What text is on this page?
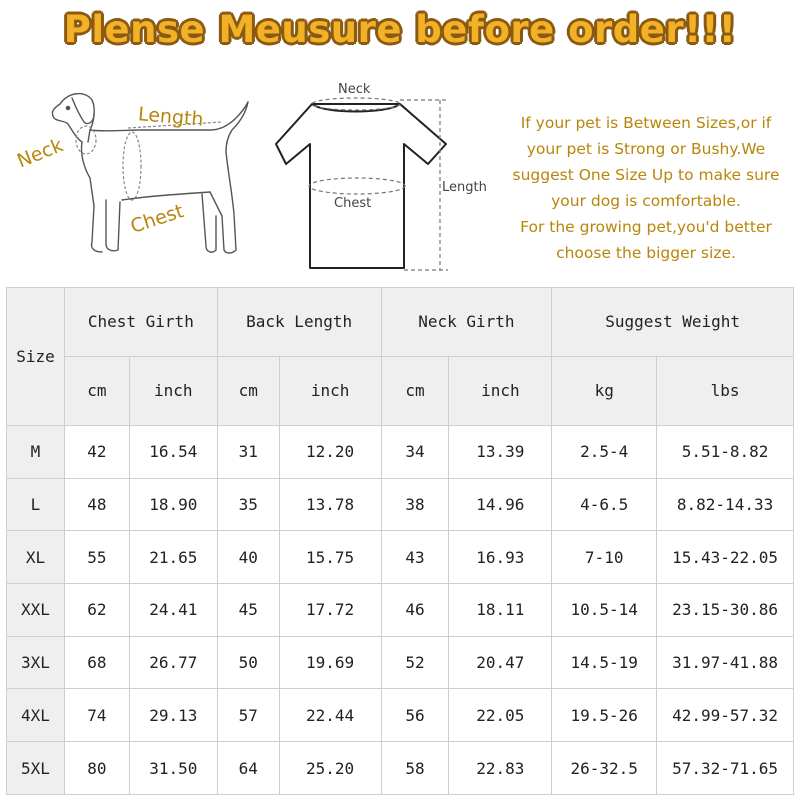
Plense Meusure before order!!!
Neck
Length
Chest
Neck
Chest
Length
If your pet is Between Sizes,or if
your pet is Strong or Bushy.We
suggest One Size Up to make sure
your dog is comfortable.
For the growing pet,you'd better
choose the bigger size.
Size	Chest Girth		Back Length		Neck Girth		Suggest Weight	
	cm	inch	cm	inch	cm	inch	kg	lbs
M	42	16.54	31	12.20	34	13.39	2.5-4	5.51-8.82
L	48	18.90	35	13.78	38	14.96	4-6.5	8.82-14.33
XL	55	21.65	40	15.75	43	16.93	7-10	15.43-22.05
XXL	62	24.41	45	17.72	46	18.11	10.5-14	23.15-30.86
3XL	68	26.77	50	19.69	52	20.47	14.5-19	31.97-41.88
4XL	74	29.13	57	22.44	56	22.05	19.5-26	42.99-57.32
5XL	80	31.50	64	25.20	58	22.83	26-32.5	57.32-71.65
